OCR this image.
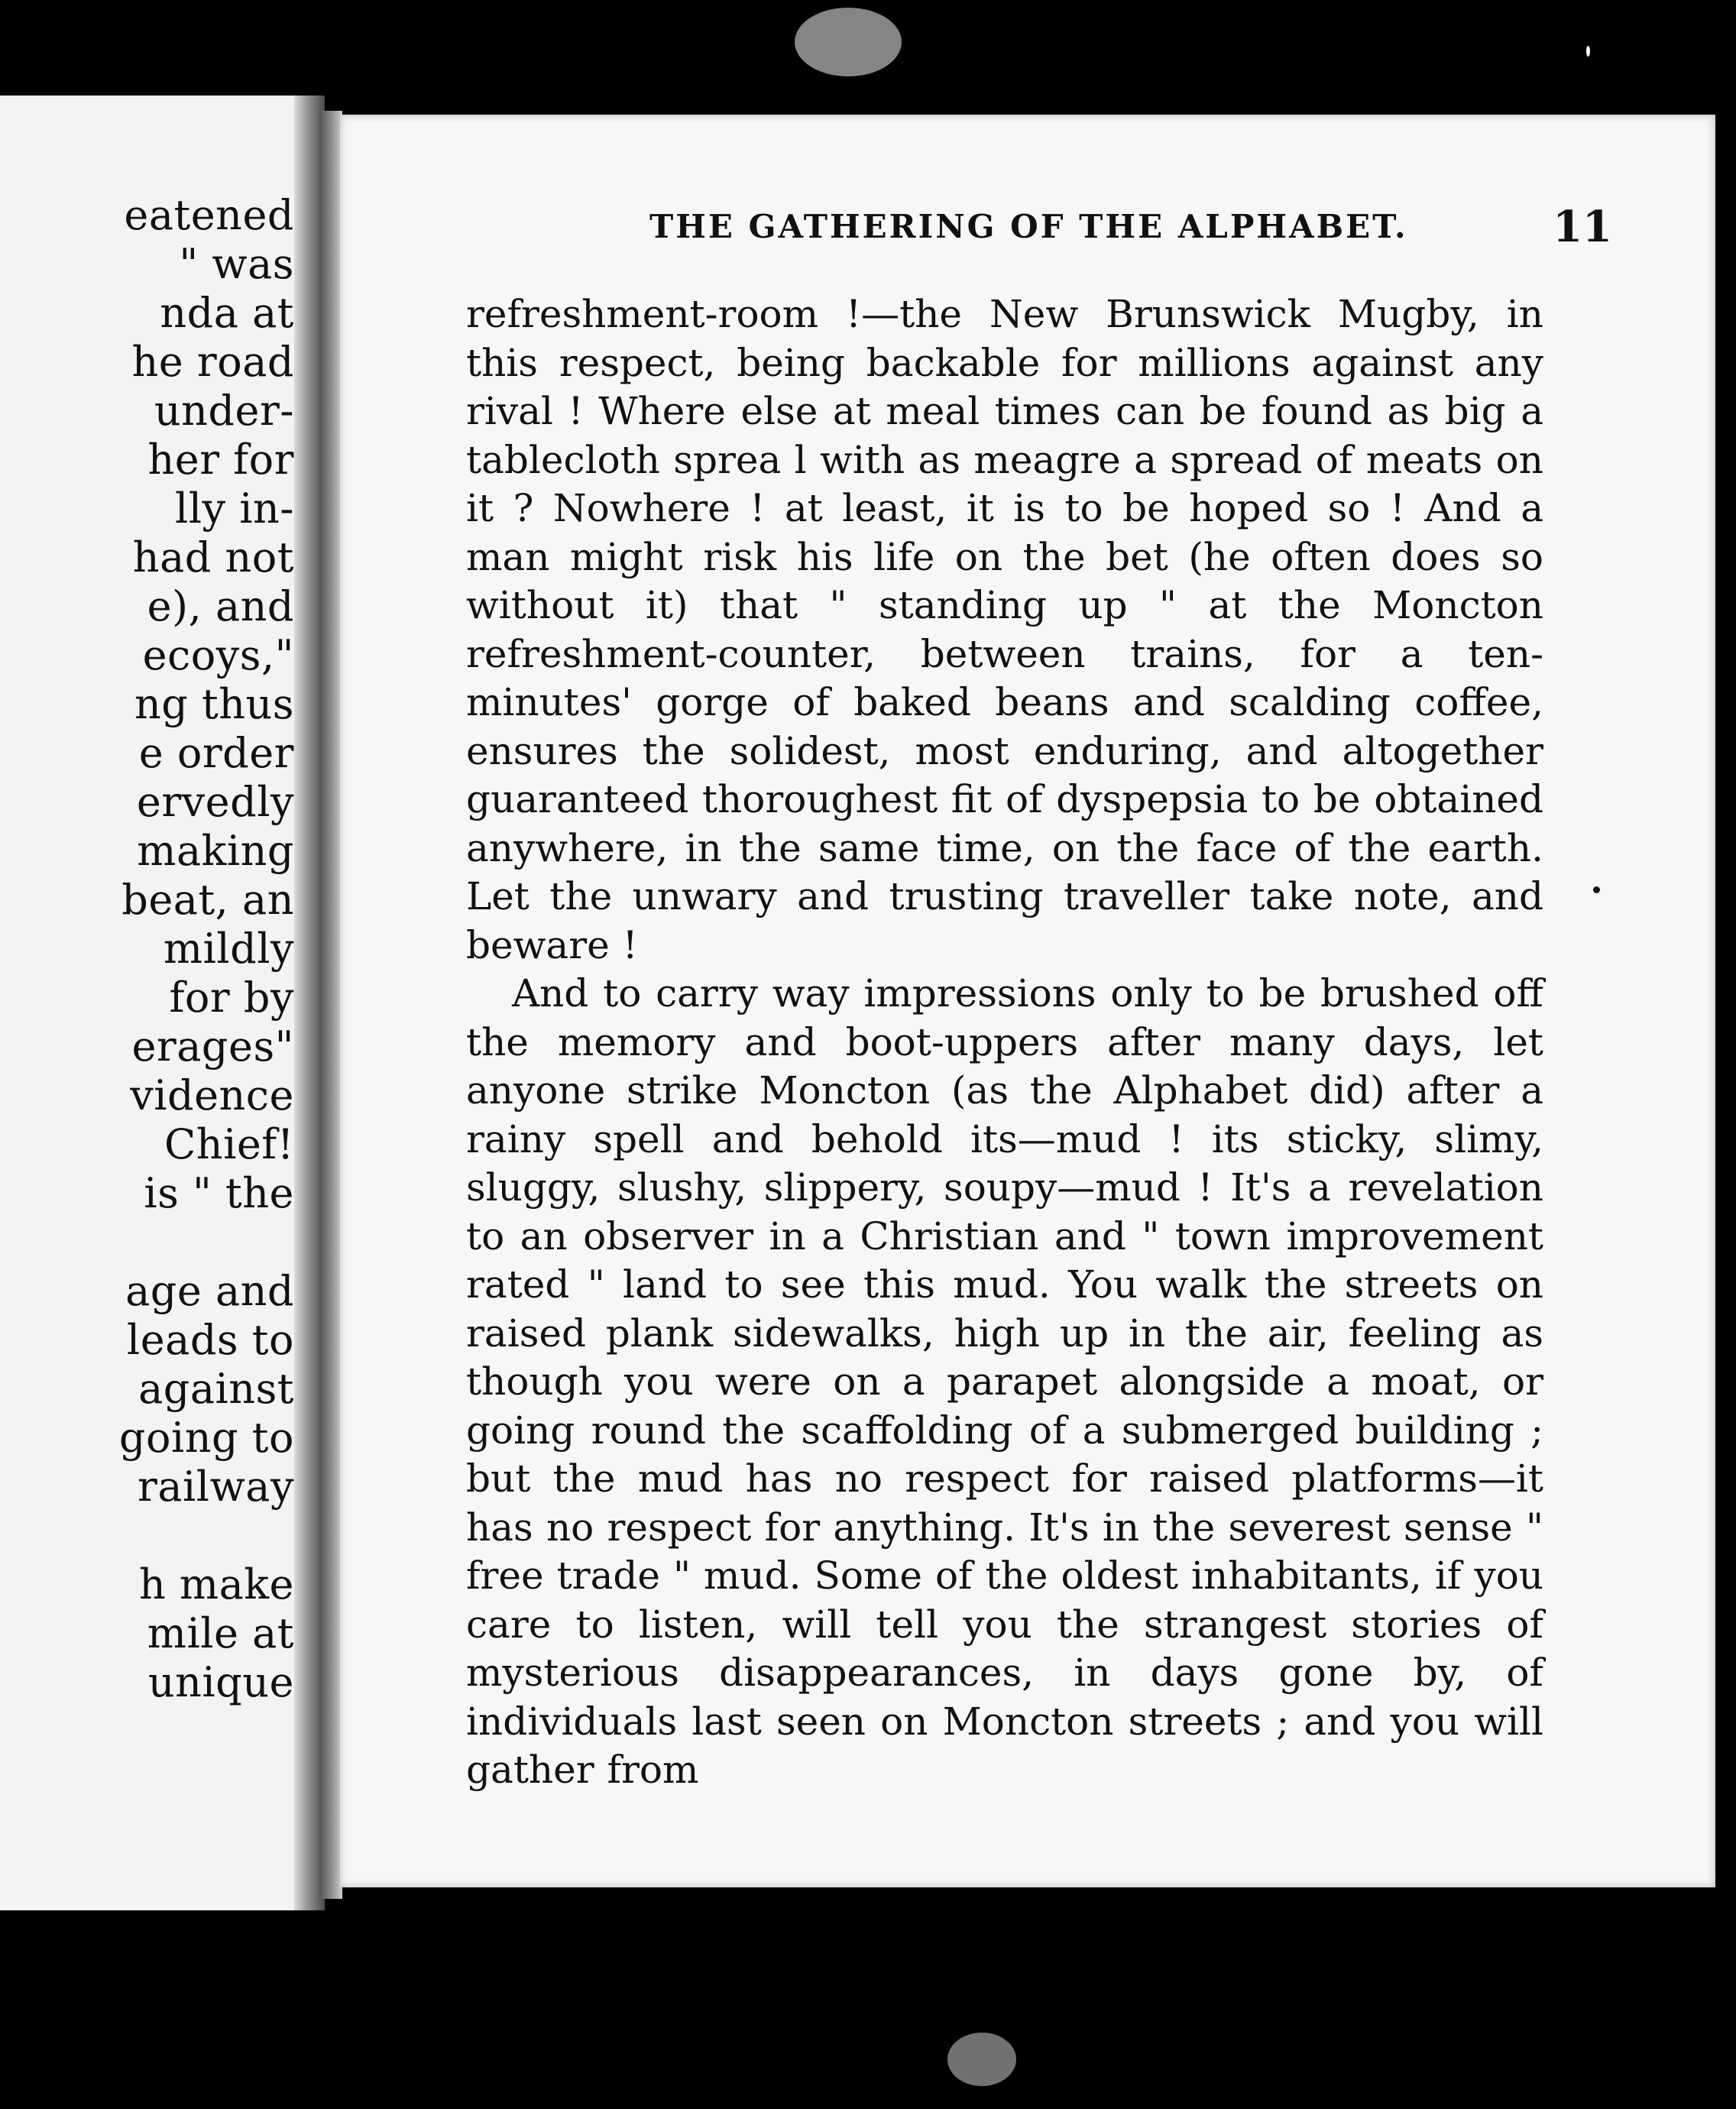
eatened
" was
nda at
he road
under-
her for
lly in-
had not
e), and
ecoys,"
ng thus
e order
ervedly
making
beat, an
mildly
for by
erages"
vidence
Chief!
is " the
age and
leads to
against
going to
railway
h make
mile at
unique
THE GATHERING OF THE ALPHABET.	11

refreshment-room !—the New Brunswick Mugby, in this respect, being backable for millions against any rival ! Where else at meal times can be found as big a tablecloth sprea l with as meagre a spread of meats on it ? Nowhere ! at least, it is to be hoped so ! And a man might risk his life on the bet (he often does so without it) that " standing up " at the Moncton refreshment-counter, between trains, for a ten-minutes' gorge of baked beans and scalding coffee, ensures the solidest, most enduring, and altogether guaranteed thoroughest fit of dyspepsia to be obtained anywhere, in the same time, on the face of the earth. Let the unwary and trusting traveller take note, and beware !

And to carry way impressions only to be brushed off the memory and boot-uppers after many days, let anyone strike Moncton (as the Alphabet did) after a rainy spell and behold its—mud ! its sticky, slimy, sluggy, slushy, slippery, soupy—mud ! It's a revelation to an observer in a Christian and " town improvement rated " land to see this mud. You walk the streets on raised plank sidewalks, high up in the air, feeling as though you were on a parapet alongside a moat, or going round the scaffolding of a submerged building ; but the mud has no respect for raised platforms—it has no respect for anything. It's in the severest sense " free trade " mud. Some of the oldest inhabitants, if you care to listen, will tell you the strangest stories of mysterious disappearances, in days gone by, of individuals last seen on Moncton streets ; and you will gather from
